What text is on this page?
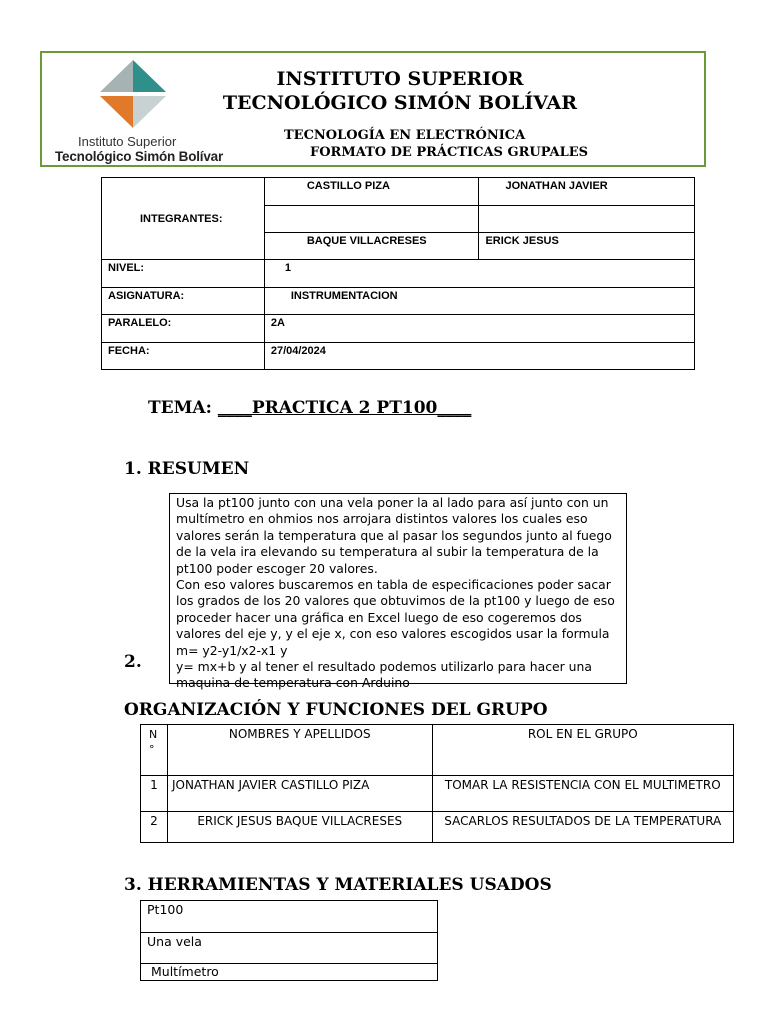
Instituto Superior
Tecnológico Simón Bolívar
INSTITUTO SUPERIOR
TECNOLÓGICO SIMÓN BOLÍVAR
TECNOLOGÍA EN ELECTRÓNICA
FORMATO DE PRÁCTICAS GRUPALES
INTEGRANTES:	CASTILLO PIZA	JONATHAN JAVIER

	BAQUE VILLACRESES	ERICK JESUS
NIVEL:	1	
ASIGNATURA:	INSTRUMENTACION	
PARALELO:	2A	
FECHA:	27/04/2024	
TEMA: ____PRACTICA 2 PT100____
1. RESUMEN

Usa la pt100 junto con una vela poner la al lado para así junto con un multímetro en ohmios nos arrojara distintos valores los cuales eso valores serán la temperatura que al pasar los segundos junto al fuego de la vela ira elevando su temperatura al subir la temperatura de la pt100 poder escoger 20 valores.

Con eso valores buscaremos en tabla de especificaciones poder sacar los grados de los 20 valores que obtuvimos de la pt100 y luego de eso proceder hacer una gráfica en Excel luego de eso cogeremos dos valores del eje y, y el eje x, con eso valores escogidos usar la formula m= y2-y1/x2-x1 y

y= mx+b y al tener el resultado podemos utilizarlo para hacer una maquina de temperatura con Arduino

2.
ORGANIZACIÓN Y FUNCIONES DEL GRUPO
N °	NOMBRES Y APELLIDOS	ROL EN EL GRUPO
1	JONATHAN JAVIER CASTILLO PIZA	TOMAR LA RESISTENCIA CON EL MULTIMETRO
2	ERICK JESUS BAQUE VILLACRESES	SACARLOS RESULTADOS DE LA TEMPERATURA
3. HERRAMIENTAS Y MATERIALES USADOS
Pt100
Una vela
Multímetro
